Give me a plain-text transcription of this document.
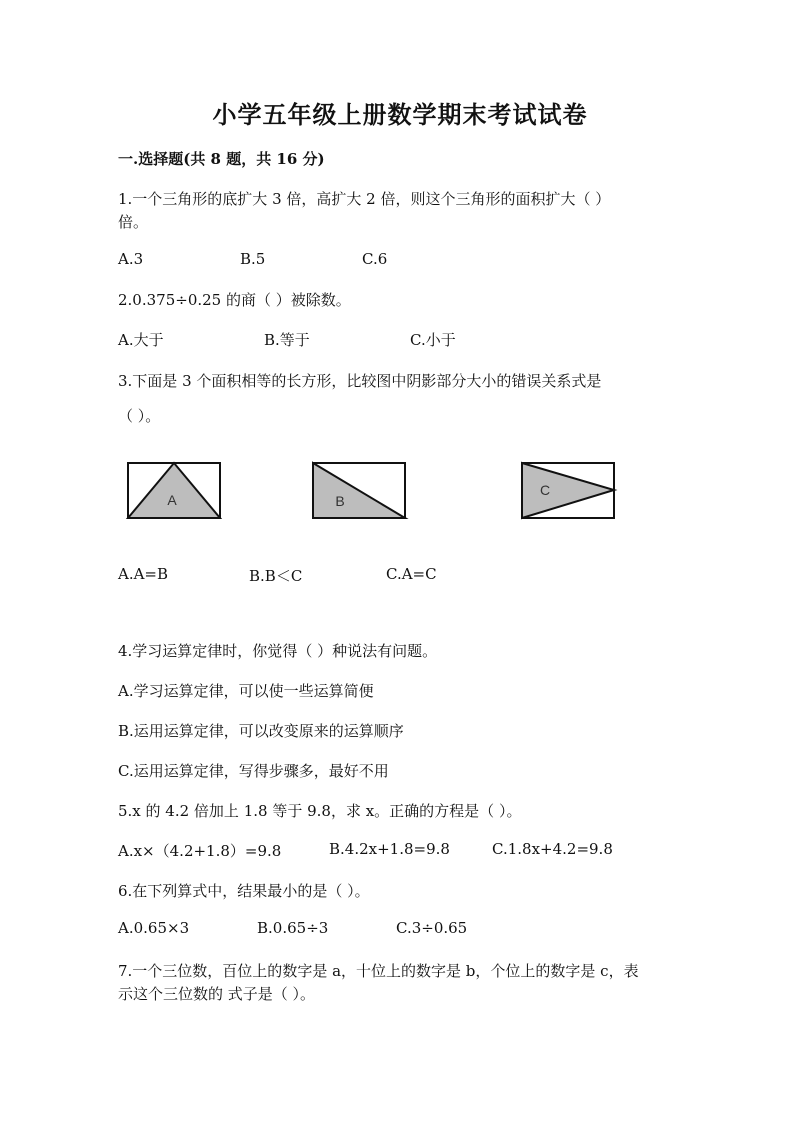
小学五年级上册数学期末考试试卷
一.选择题(共 8 题，共 16 分)
1.一个三角形的底扩大 3 倍，高扩大 2 倍，则这个三角形的面积扩大（ ）
倍。
A.3	B.5	C.6
2.0.375÷0.25 的商（ ）被除数。
A.大于	B.等于	C.小于
3.下面是 3 个面积相等的长方形，比较图中阴影部分大小的错误关系式是
（ ）。
A	B
C
A.A=B	B.B＜C	C.A=C
4.学习运算定律时，你觉得（ ）种说法有问题。
A.学习运算定律，可以使一些运算简便
B.运用运算定律，可以改变原来的运算顺序
C.运用运算定律，写得步骤多，最好不用
5.x 的 4.2 倍加上 1.8 等于 9.8，求 x。正确的方程是（ ）。
A.x×（4.2+1.8）=9.8	B.4.2x+1.8=9.8	C.1.8x+4.2=9.8
6.在下列算式中，结果最小的是（ ）。
A.0.65×3	B.0.65÷3	C.3÷0.65
7.一个三位数，百位上的数字是 a，十位上的数字是 b，个位上的数字是 c，表
示这个三位数的 式子是（ ）。
